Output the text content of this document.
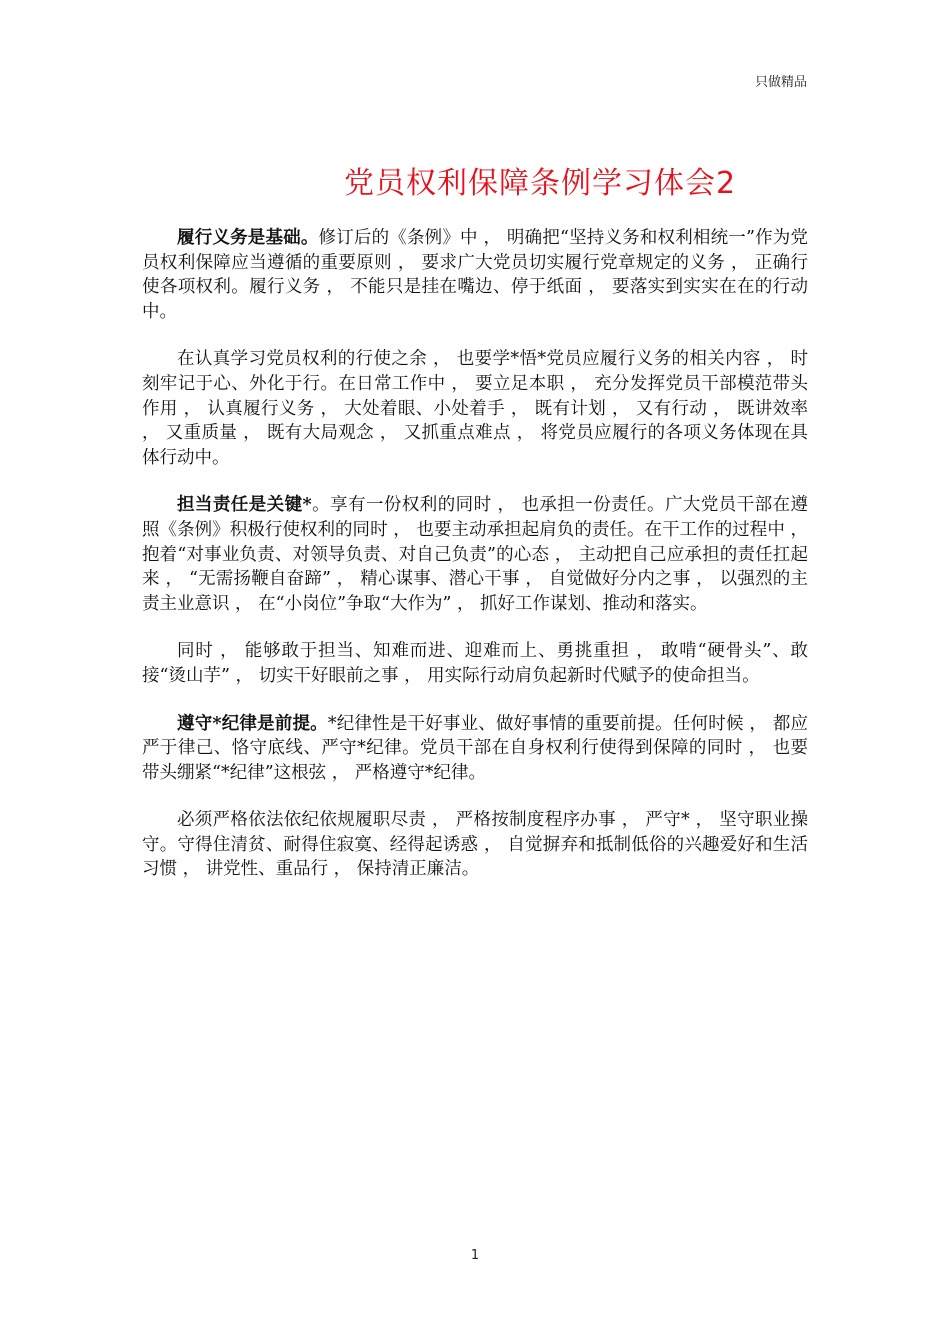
只做精品
党员权利保障条例学习体会2

履行义务是基础。修订后的《条例》中 ， 明确把“坚持义务和权利相统一”作为党员权利保障应当遵循的重要原则 ， 要求广大党员切实履行党章规定的义务 ， 正确行使各项权利。履行义务 ， 不能只是挂在嘴边、停于纸面 ， 要落实到实实在在的行动中。

在认真学习党员权利的行使之余 ， 也要学*悟*党员应履行义务的相关内容 ， 时刻牢记于心、外化于行。在日常工作中 ， 要立足本职 ， 充分发挥党员干部模范带头作用 ， 认真履行义务 ， 大处着眼、小处着手 ， 既有计划 ， 又有行动 ， 既讲效率 ， 又重质量 ， 既有大局观念 ， 又抓重点难点 ， 将党员应履行的各项义务体现在具体行动中。

担当责任是关键*。享有一份权利的同时 ， 也承担一份责任。广大党员干部在遵照《条例》积极行使权利的同时 ， 也要主动承担起肩负的责任。在干工作的过程中 ， 抱着“对事业负责、对领导负责、对自己负责”的心态 ， 主动把自己应承担的责任扛起来 ， “无需扬鞭自奋蹄” ， 精心谋事、潜心干事 ， 自觉做好分内之事 ， 以强烈的主责主业意识 ， 在“小岗位”争取“大作为” ， 抓好工作谋划、推动和落实。

同时 ， 能够敢于担当、知难而进、迎难而上、勇挑重担 ， 敢啃“硬骨头”、敢接“烫山芋” ， 切实干好眼前之事 ， 用实际行动肩负起新时代赋予的使命担当。

遵守*纪律是前提。*纪律性是干好事业、做好事情的重要前提。任何时候 ， 都应严于律己、恪守底线、严守*纪律。党员干部在自身权利行使得到保障的同时 ， 也要带头绷紧“*纪律”这根弦 ， 严格遵守*纪律。

必须严格依法依纪依规履职尽责 ， 严格按制度程序办事 ， 严守* ， 坚守职业操守。守得住清贫、耐得住寂寞、经得起诱惑 ， 自觉摒弃和抵制低俗的兴趣爱好和生活习惯 ， 讲党性、重品行 ， 保持清正廉洁。

1
